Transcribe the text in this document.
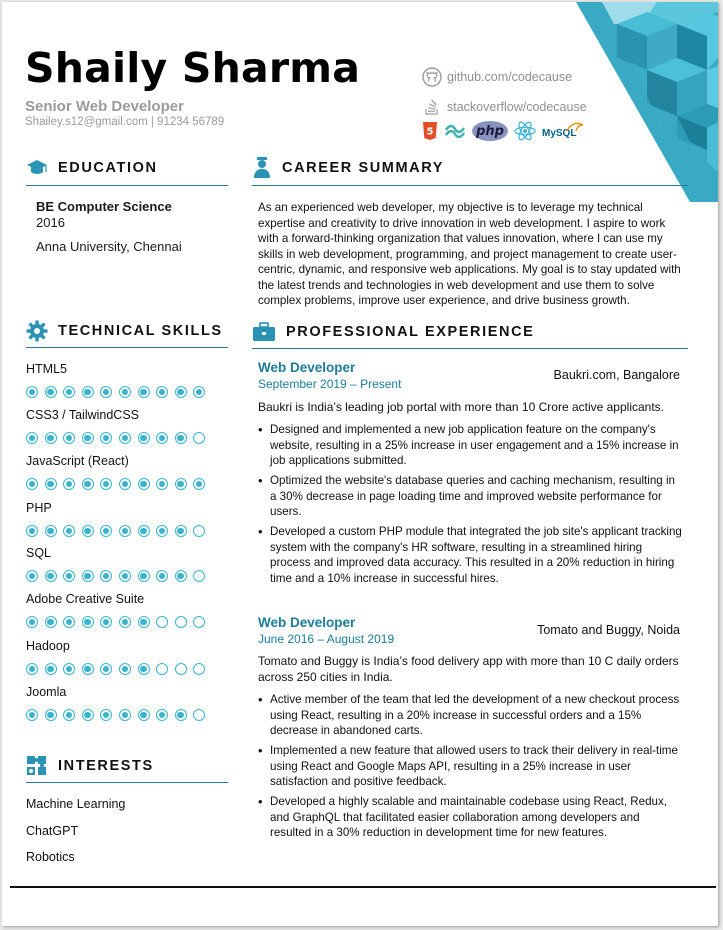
Shaily Sharma
Senior Web Developer
Shailey.s12@gmail.com | 91234 56789
github.com/codecause
stackoverflow/codecause
5	php	MySQL
EDUCATION
BE Computer Science
2016
Anna University, Chennai
TECHNICAL SKILLS
HTML5
CSS3 / TailwindCSS
JavaScript (React)
PHP
SQL
Adobe Creative Suite
Hadoop
Joomla
INTERESTS
Machine Learning
ChatGPT
Robotics
CAREER SUMMARY
As an experienced web developer, my objective is to leverage my technical expertise and creativity to drive innovation in web development. I aspire to work with a forward-thinking organization that values innovation, where I can use my skills in web development, programming, and project management to create user-centric, dynamic, and responsive web applications. My goal is to stay updated with the latest trends and technologies in web development and use them to solve complex problems, improve user experience, and drive business growth.
PROFESSIONAL EXPERIENCE
Web Developer
September 2019 – Present
Baukri.com, Bangalore
Baukri is India’s leading job portal with more than 10 Crore active applicants.
• Designed and implemented a new job application feature on the company's website, resulting in a 25% increase in user engagement and a 15% increase in job applications submitted.
• Optimized the website's database queries and caching mechanism, resulting in a 30% decrease in page loading time and improved website performance for users.
• Developed a custom PHP module that integrated the job site's applicant tracking system with the company's HR software, resulting in a streamlined hiring process and improved data accuracy. This resulted in a 20% reduction in hiring time and a 10% increase in successful hires.
Web Developer
June 2016 – August 2019
Tomato and Buggy, Noida
Tomato and Buggy is India’s food delivery app with more than 10 C daily orders across 250 cities in India.
• Active member of the team that led the development of a new checkout process using React, resulting in a 20% increase in successful orders and a 15% decrease in abandoned carts.
• Implemented a new feature that allowed users to track their delivery in real-time using React and Google Maps API, resulting in a 25% increase in user satisfaction and positive feedback.
• Developed a highly scalable and maintainable codebase using React, Redux, and GraphQL that facilitated easier collaboration among developers and resulted in a 30% reduction in development time for new features.
